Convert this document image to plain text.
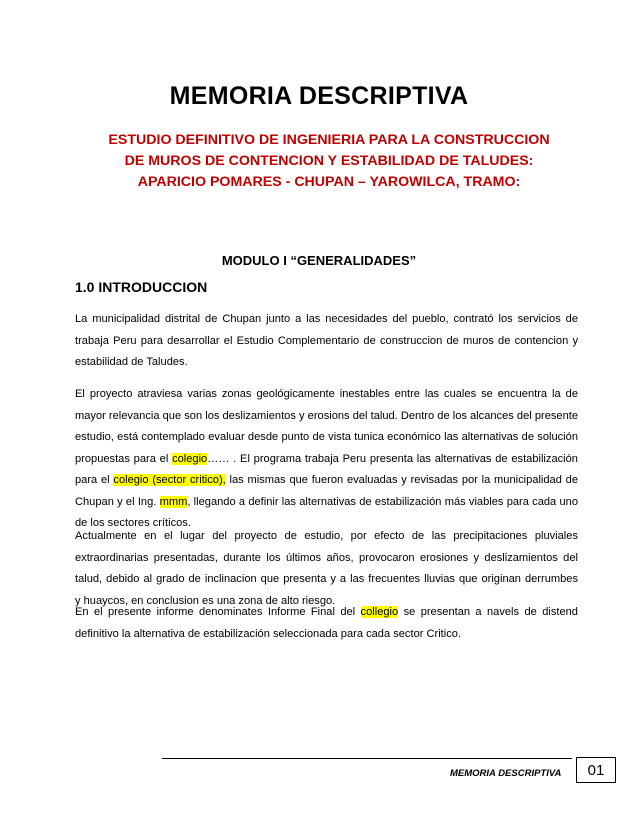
MEMORIA DESCRIPTIVA
ESTUDIO DEFINITIVO DE INGENIERIA PARA LA CONSTRUCCION
DE MUROS DE CONTENCION Y ESTABILIDAD DE TALUDES:
APARICIO POMARES - CHUPAN – YAROWILCA, TRAMO:
MODULO I “GENERALIDADES”
1.0 INTRODUCCION
La municipalidad distrital de Chupan junto a las necesidades del pueblo, contrató los servicios de
trabaja Peru para desarrollar el Estudio Complementario de construccion de muros de contencion y
estabilidad de Taludes.
El proyecto atraviesa varias zonas geológicamente inestables entre las cuales se encuentra la de
mayor relevancia que son los deslizamientos y erosions del talud. Dentro de los alcances del presente
estudio, está contemplado evaluar desde punto de vista tunica económico las alternativas de solución
propuestas para el colegio…… . El programa trabaja Peru presenta las alternativas de estabilización
para el colegio (sector critico), las mismas que fueron evaluadas y revisadas por la municipalidad de
Chupan y el Ing. mmm, llegando a definir las alternativas de estabilización más viables para cada uno
de los sectores críticos.
Actualmente en el lugar del proyecto de estudio, por efecto de las precipitaciones pluviales
extraordinarias presentadas, durante los últimos años, provocaron erosiones y deslizamientos del
talud, debido al grado de inclinacion que presenta y a las frecuentes lluvias que originan derrumbes
y huaycos, en conclusion es una zona de alto riesgo.
En el presente informe denominates Informe Final del collegio se presentan a navels de distend
definitivo la alternativa de estabilización seleccionada para cada sector Critico.
MEMORIA DESCRIPTIVA	01
